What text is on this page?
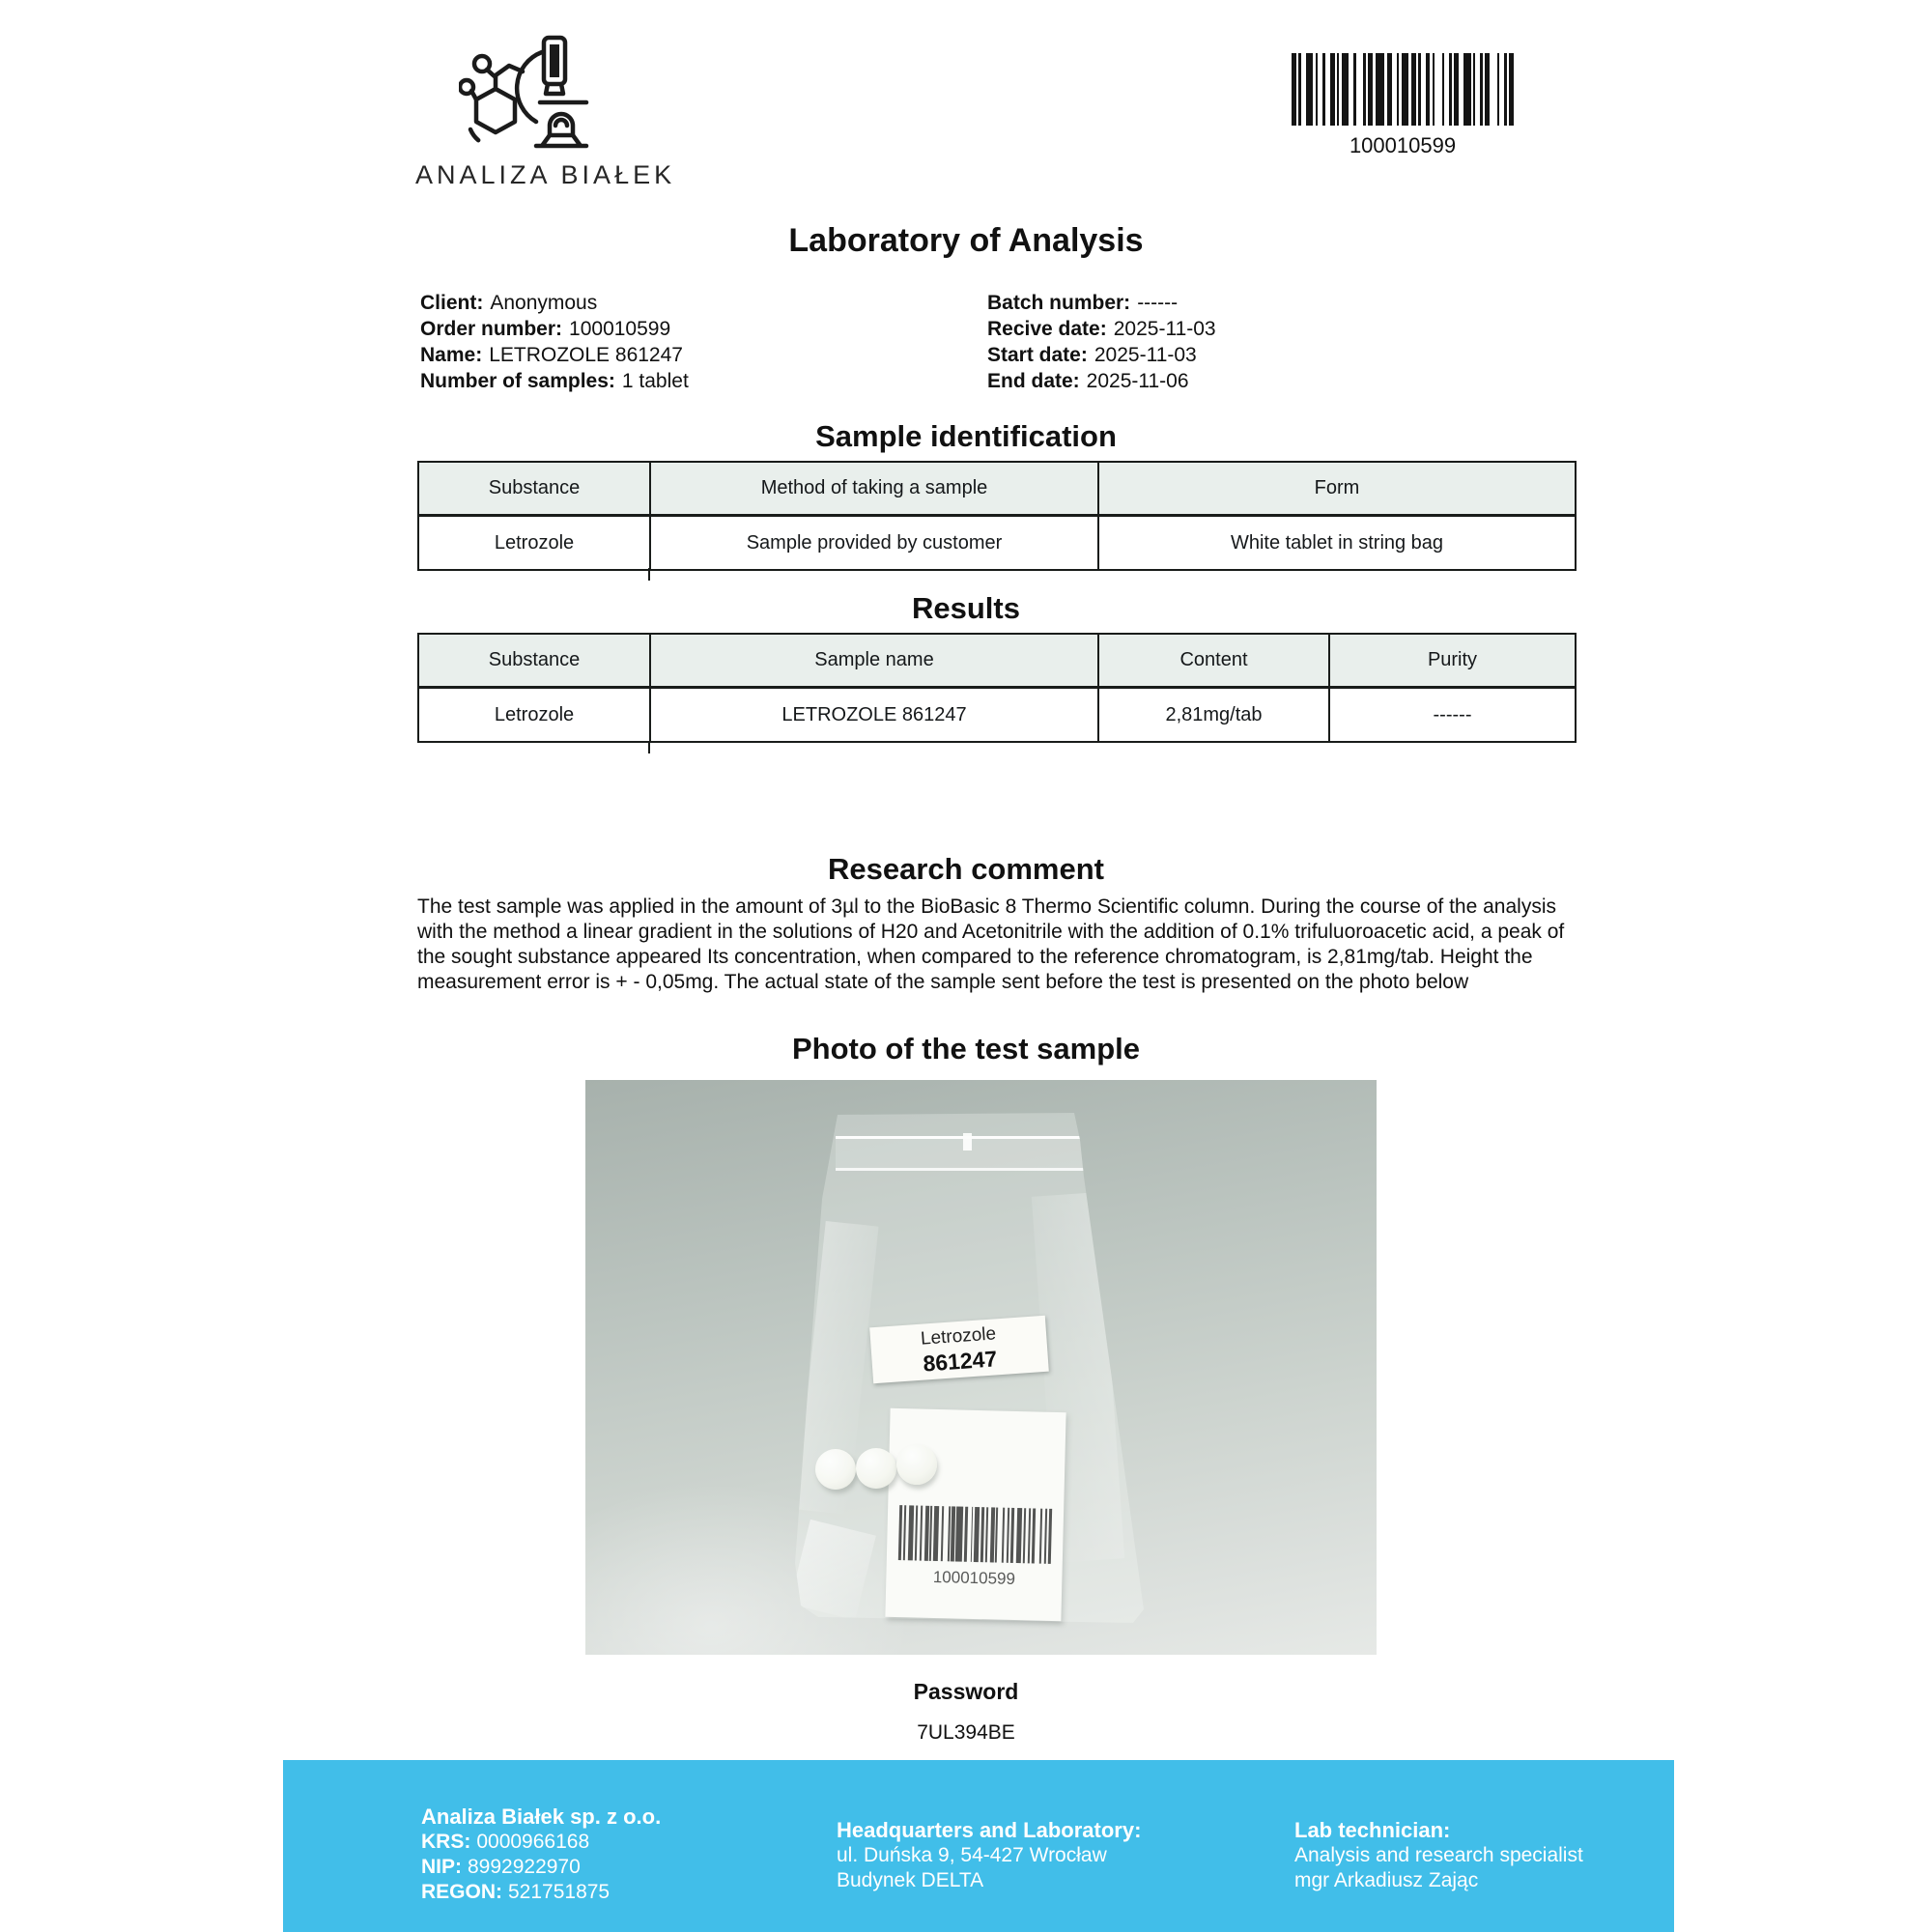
ANALIZA BIAŁEK
100010599
Laboratory of Analysis
Client: Anonymous
Order number: 100010599
Name: LETROZOLE 861247
Number of samples: 1 tablet
Batch number: ------
Recive date: 2025-11-03
Start date: 2025-11-03
End date: 2025-11-06
Sample identification
Substance	Method of taking a sample	Form
Letrozole	Sample provided by customer	White tablet in string bag
Results
Substance	Sample name	Content	Purity
Letrozole	LETROZOLE 861247	2,81mg/tab	------
Research comment
The test sample was applied in the amount of 3µl to the BioBasic 8 Thermo Scientific column. During the course of the analysis with the method a linear gradient in the solutions of H20 and Acetonitrile with the addition of 0.1% trifuluoroacetic acid, a peak of the sought substance appeared Its concentration, when compared to the reference chromatogram, is 2,81mg/tab. Height the measurement error is + - 0,05mg. The actual state of the sample sent before the test is presented on the photo below
Photo of the test sample
100010599
Letrozole
861247
Password
7UL394BE
Analiza Białek sp. z o.o.
KRS: 0000966168
NIP: 8992922970
REGON: 521751875
Headquarters and Laboratory:
ul. Duńska 9, 54-427 Wrocław
Budynek DELTA
Lab technician:
Analysis and research specialist
mgr Arkadiusz Zając
